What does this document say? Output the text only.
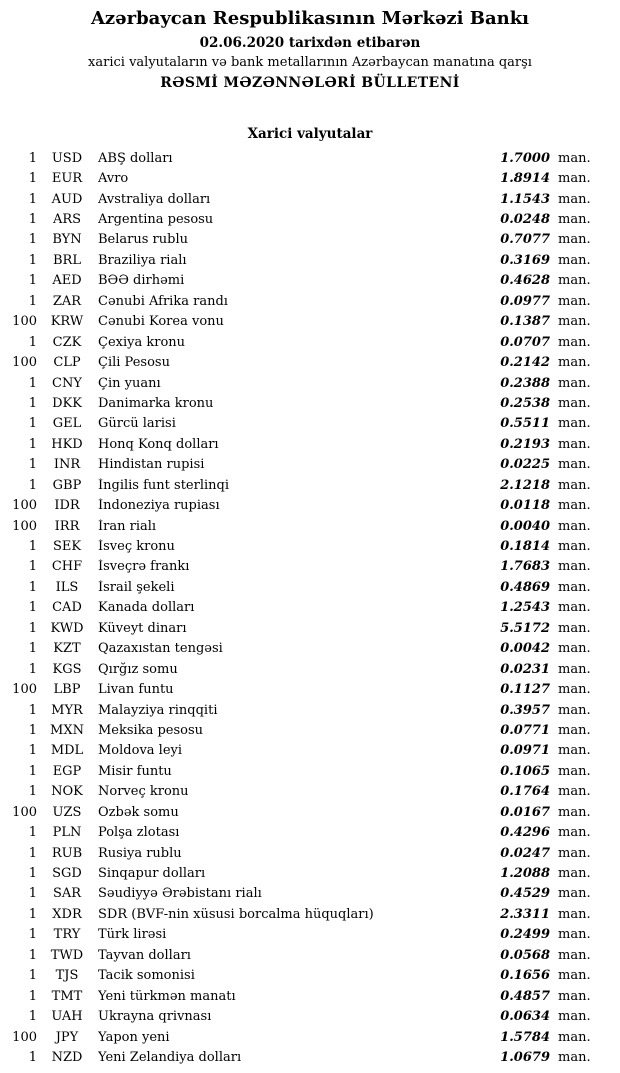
Azərbaycan Respublikasının Mərkəzi Bankı
02.06.2020 tarixdən etibarən
xarici valyutaların və bank metallarının Azərbaycan manatına qarşı
RƏSMİ MƏZƏNNƏLƏRİ BÜLLETENİ
Xarici valyutalar
1	USD	ABŞ dolları	1.7000 man.
1	EUR	Avro	1.8914 man.
1	AUD	Avstraliya dolları	1.1543 man.
1	ARS	Argentina pesosu	0.0248 man.
1	BYN	Belarus rublu	0.7077 man.
1	BRL	Braziliya rialı	0.3169 man.
1	AED	BƏƏ dirhəmi	0.4628 man.
1	ZAR	Cənubi Afrika randı	0.0977 man.
100	KRW	Cənubi Korea vonu	0.1387 man.
1	CZK	Çexiya kronu	0.0707 man.
100	CLP	Çili Pesosu	0.2142 man.
1	CNY	Çin yuanı	0.2388 man.
1	DKK	Danimarka kronu	0.2538 man.
1	GEL	Gürcü larisi	0.5511 man.
1	HKD	Honq Konq dolları	0.2193 man.
1	INR	Hindistan rupisi	0.0225 man.
1	GBP	İngilis funt sterlinqi	2.1218 man.
100	IDR	İndoneziya rupiası	0.0118 man.
100	IRR	İran rialı	0.0040 man.
1	SEK	İsveç kronu	0.1814 man.
1	CHF	İsveçrə frankı	1.7683 man.
1	ILS	İsrail şekeli	0.4869 man.
1	CAD	Kanada dolları	1.2543 man.
1	KWD	Küveyt dinarı	5.5172 man.
1	KZT	Qazaxıstan tengəsi	0.0042 man.
1	KGS	Qırğız somu	0.0231 man.
100	LBP	Livan funtu	0.1127 man.
1	MYR	Malayziya rinqqiti	0.3957 man.
1	MXN	Meksika pesosu	0.0771 man.
1	MDL	Moldova leyi	0.0971 man.
1	EGP	Misir funtu	0.1065 man.
1	NOK	Norveç kronu	0.1764 man.
100	UZS	Özbək somu	0.0167 man.
1	PLN	Polşa zlotası	0.4296 man.
1	RUB	Rusiya rublu	0.0247 man.
1	SGD	Sinqapur dolları	1.2088 man.
1	SAR	Səudiyyə Ərəbistanı rialı	0.4529 man.
1	XDR	SDR (BVF-nin xüsusi borcalma hüquqları)	2.3311 man.
1	TRY	Türk lirəsi	0.2499 man.
1	TWD	Tayvan dolları	0.0568 man.
1	TJS	Tacik somonisi	0.1656 man.
1	TMT	Yeni türkmən manatı	0.4857 man.
1	UAH	Ukrayna qrivnası	0.0634 man.
100	JPY	Yapon yeni	1.5784 man.
1	NZD	Yeni Zelandiya dolları	1.0679 man.
